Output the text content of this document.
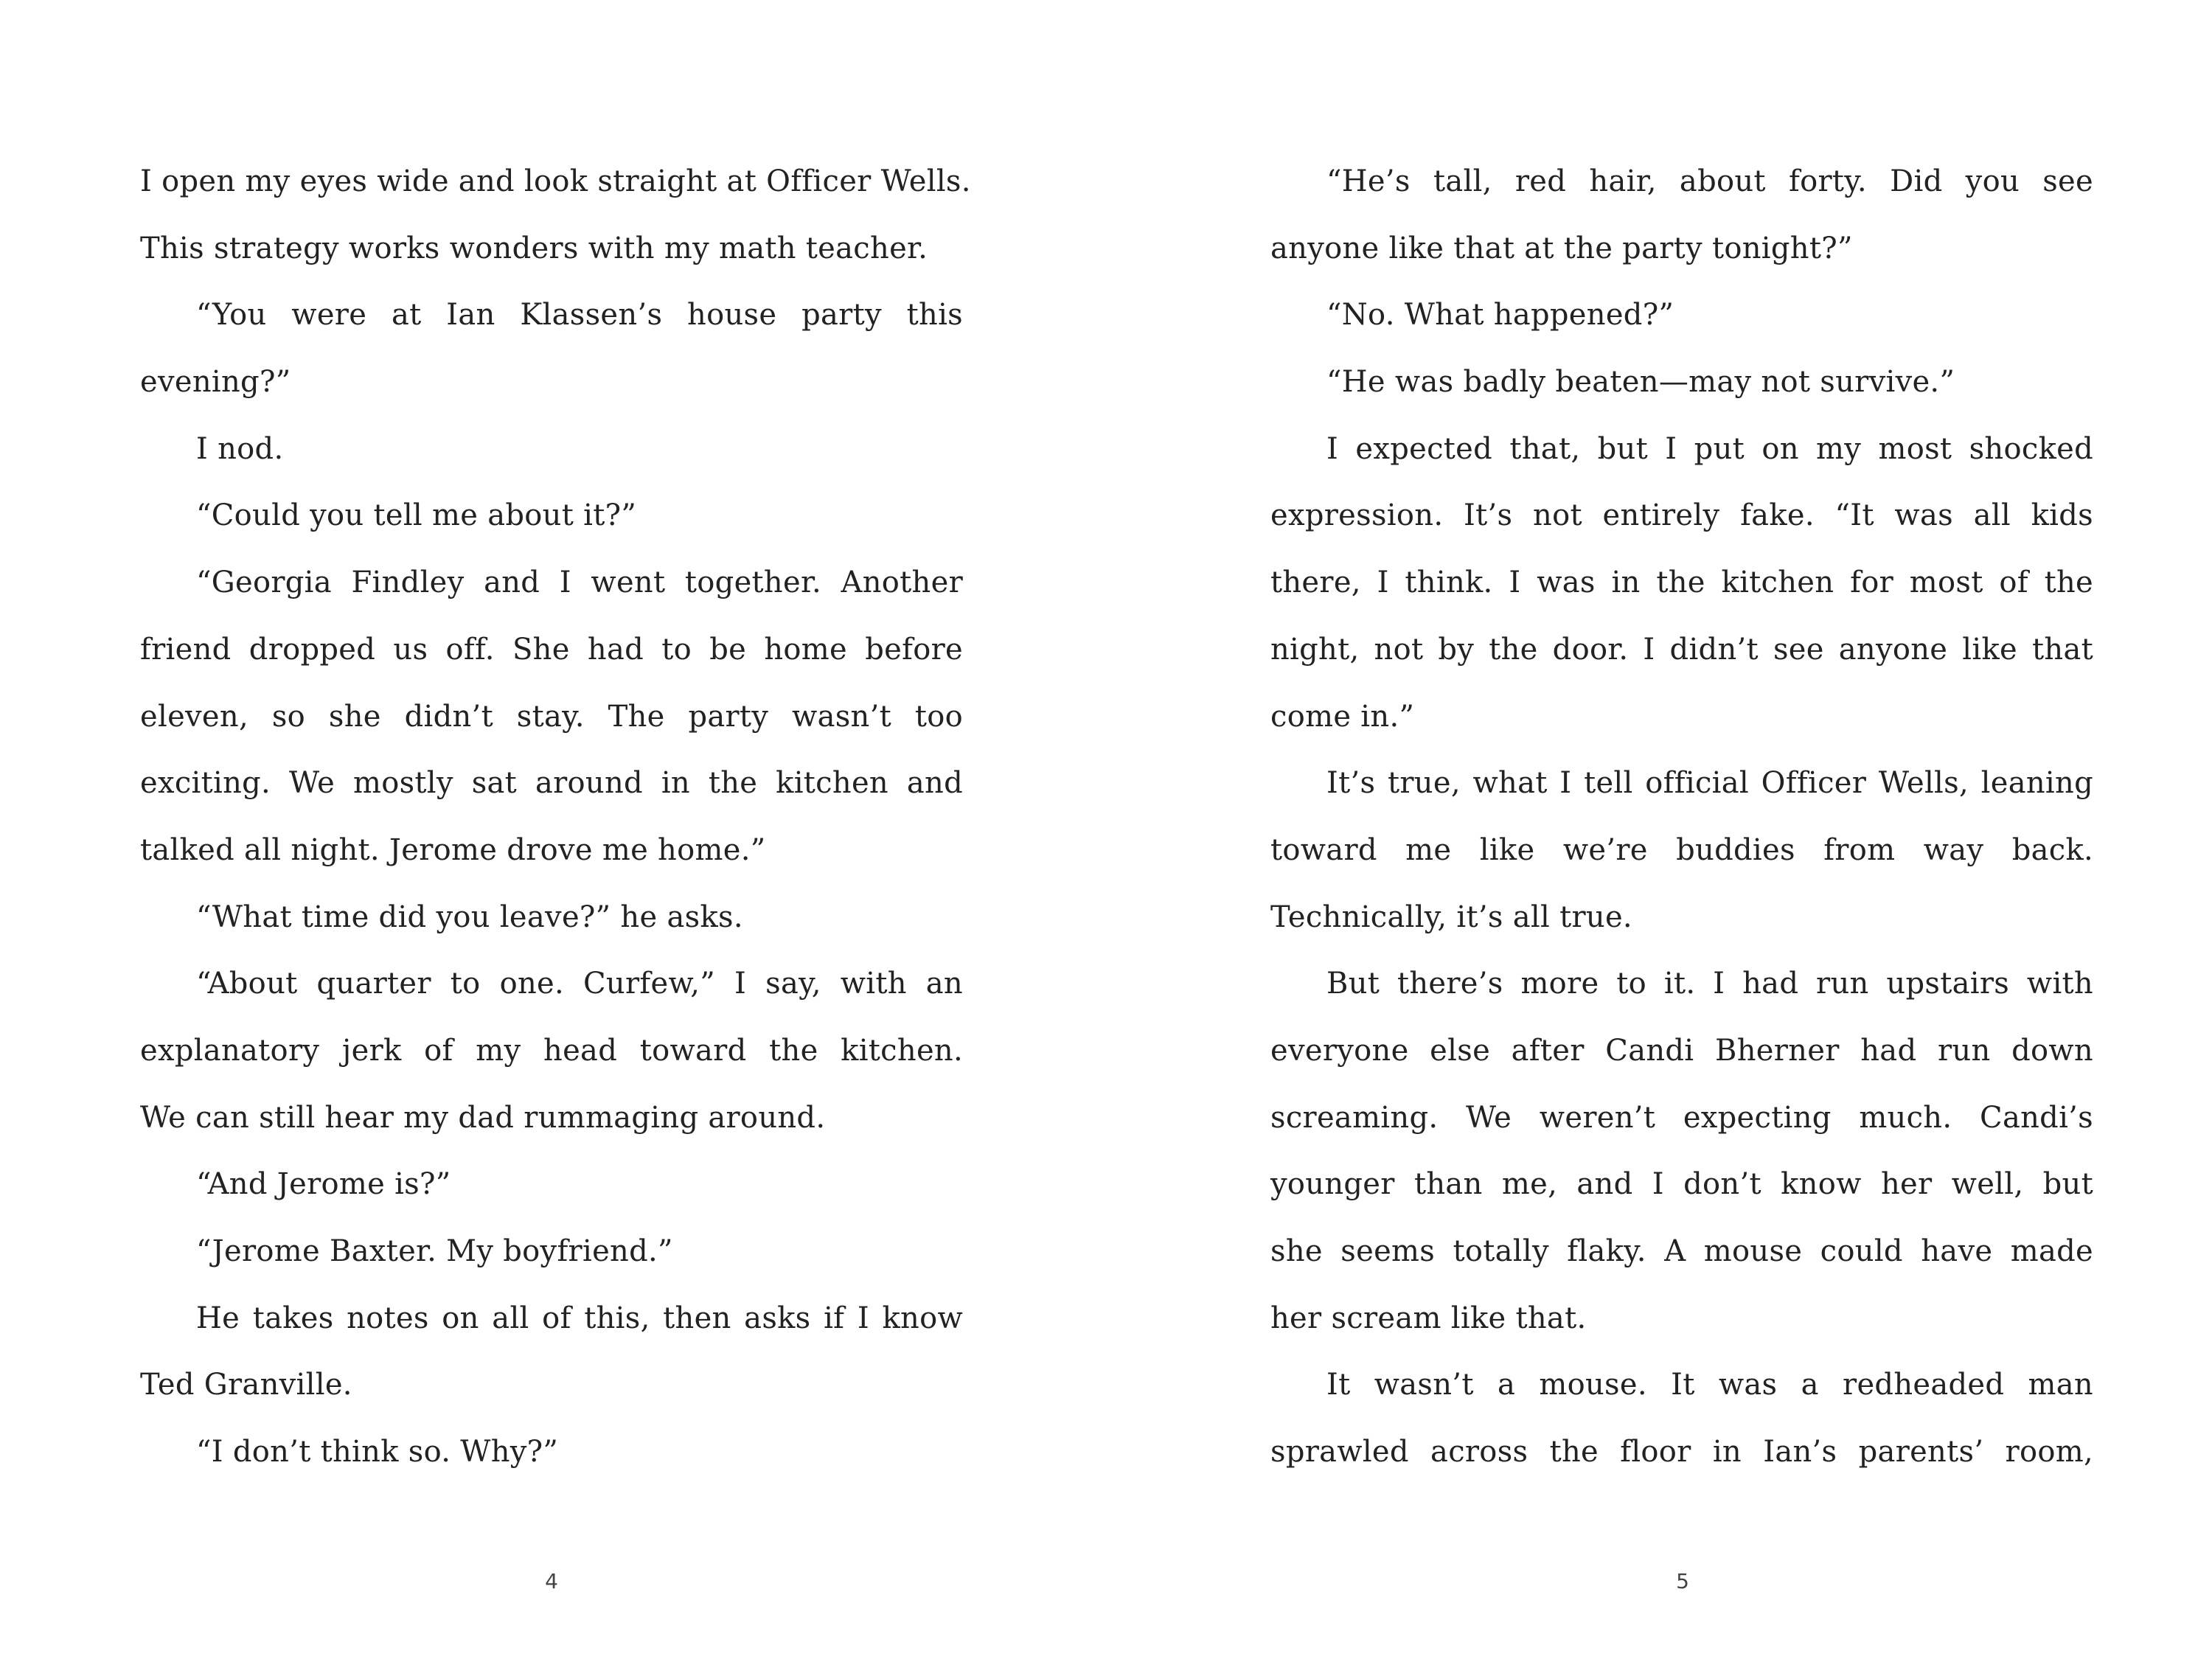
I open my eyes wide and look straight at Officer Wells.
This strategy works wonders with my math teacher.
“You were at Ian Klassen’s house party this
evening?”
I nod.
“Could you tell me about it?”
“Georgia Findley and I went together. Another
friend dropped us off. She had to be home before
eleven, so she didn’t stay. The party wasn’t too
exciting. We mostly sat around in the kitchen and
talked all night. Jerome drove me home.”
“What time did you leave?” he asks.
“About quarter to one. Curfew,” I say, with an
explanatory jerk of my head toward the kitchen.
We can still hear my dad rummaging around.
“And Jerome is?”
“Jerome Baxter. My boyfriend.”
He takes notes on all of this, then asks if I know
Ted Granville.
“I don’t think so. Why?”
4
“He’s tall, red hair, about forty. Did you see
anyone like that at the party tonight?”
“No. What happened?”
“He was badly beaten—may not survive.”
I expected that, but I put on my most shocked
expression. It’s not entirely fake. “It was all kids
there, I think. I was in the kitchen for most of the
night, not by the door. I didn’t see anyone like that
come in.”
It’s true, what I tell official Officer Wells, leaning
toward me like we’re buddies from way back.
Technically, it’s all true.
But there’s more to it. I had run upstairs with
everyone else after Candi Bherner had run down
screaming. We weren’t expecting much. Candi’s
younger than me, and I don’t know her well, but
she seems totally flaky. A mouse could have made
her scream like that.
It wasn’t a mouse. It was a redheaded man
sprawled across the floor in Ian’s parents’ room,
5
